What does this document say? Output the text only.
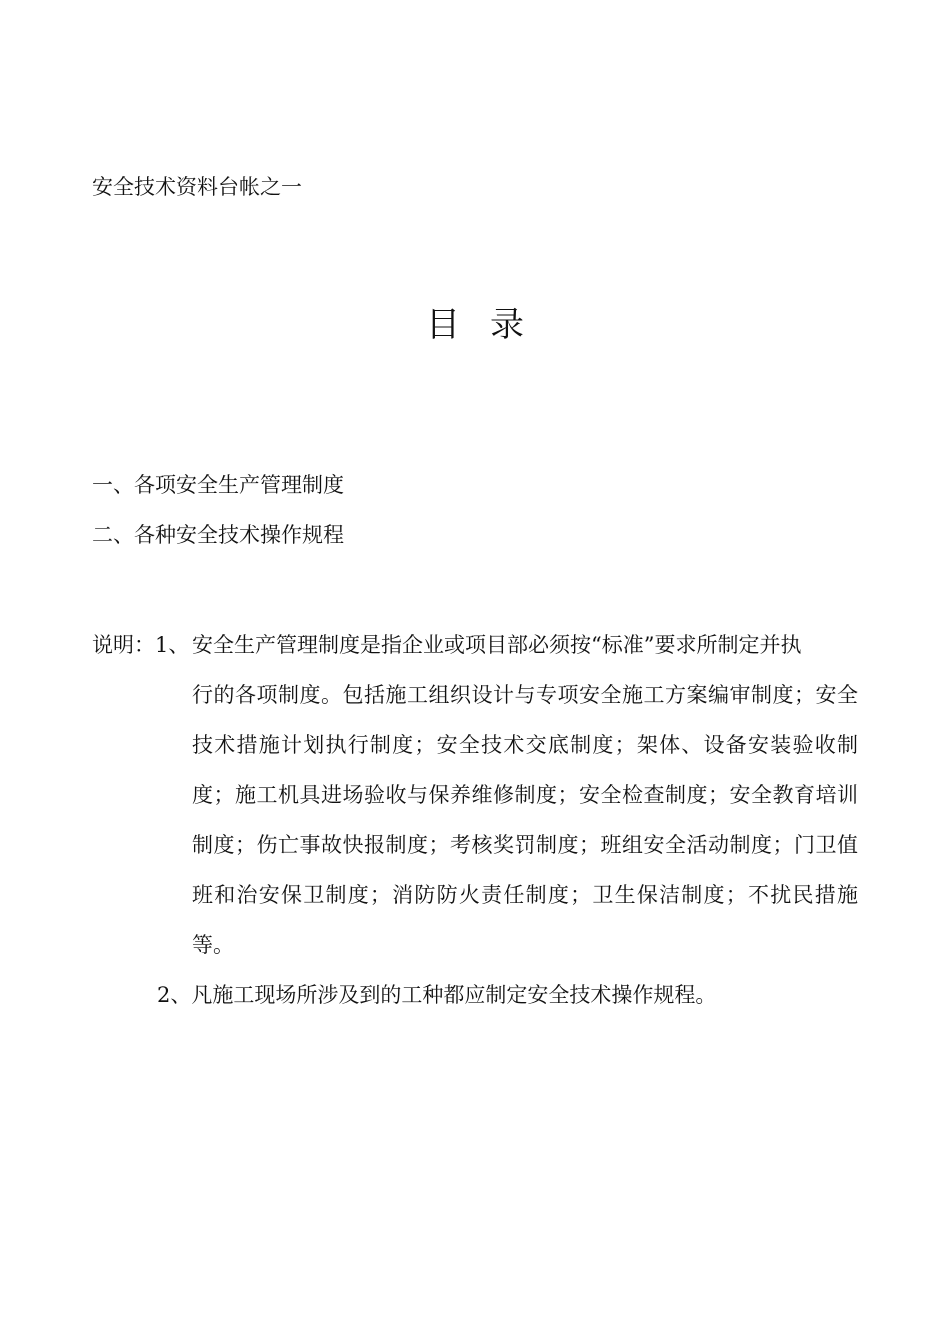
安全技术资料台帐之一
目录
一、各项安全生产管理制度
二、各种安全技术操作规程
说明：1、 安全生产管理制度是指企业或项目部必须按“标准”要求所制定并执
行的各项制度。包括施工组织设计与专项安全施工方案编审制度；安全技术措施计划执行制度；安全技术交底制度；架体、设备安装验收制度；施工机具进场验收与保养维修制度；安全检查制度；安全教育培训制度；伤亡事故快报制度；考核奖罚制度；班组安全活动制度；门卫值班和治安保卫制度；消防防火责任制度；卫生保洁制度；不扰民措施等。
2、凡施工现场所涉及到的工种都应制定安全技术操作规程。
